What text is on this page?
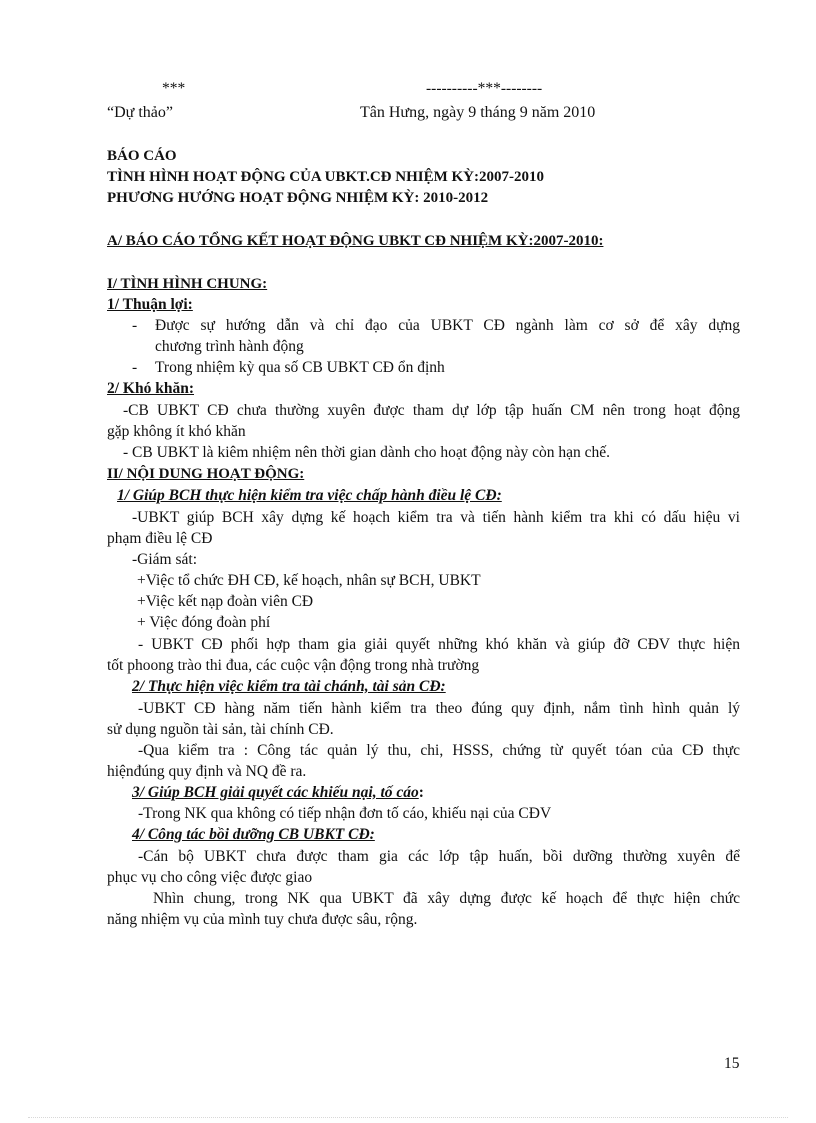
***	----------***--------
“Dự thảo”	Tân Hưng, ngày 9 tháng 9 năm 2010
BÁO CÁO
TÌNH HÌNH HOẠT ĐỘNG CỦA UBKT.CĐ NHIỆM KỲ:2007-2010
PHƯƠNG HƯỚNG HOẠT ĐỘNG NHIỆM KỲ: 2010-2012
A/ BÁO CÁO TỔNG KẾT HOẠT ĐỘNG UBKT CĐ NHIỆM KỲ:2007-2010:
I/ TÌNH HÌNH CHUNG:
1/ Thuận lợi:
- Được sự hướng dẫn và chỉ đạo của UBKT CĐ ngành làm cơ sở để xây dựng
chương trình hành động
- Trong nhiệm kỳ qua số CB UBKT CĐ ổn định
2/ Khó khăn:
-CB UBKT CĐ chưa thường xuyên được tham dự lớp tập huấn CM nên trong hoạt động
gặp không ít khó khăn
- CB UBKT là kiêm nhiệm nên thời gian dành cho hoạt động này còn hạn chế.
II/ NỘI DUNG HOẠT ĐỘNG:
1/ Giúp BCH thực hiện kiểm tra việc chấp hành điều lệ CĐ:
-UBKT giúp BCH xây dựng kế hoạch kiểm tra và tiến hành kiểm tra khi có dấu hiệu vi
phạm điều lệ CĐ
-Giám sát:
+Việc tổ chức ĐH CĐ, kế hoạch, nhân sự BCH, UBKT
+Việc kết nạp đoàn viên CĐ
+ Việc đóng đoàn phí
- UBKT CĐ phối hợp tham gia giải quyết những khó khăn và giúp đỡ CĐV thực hiện
tốt phoong trào thi đua, các cuộc vận động trong nhà trường
2/ Thực hiện việc kiểm tra tài chánh, tài sản CĐ:
-UBKT CĐ hàng năm tiến hành kiểm tra theo đúng quy định, nắm tình hình quản lý
sử dụng nguồn tài sản, tài chính CĐ.
-Qua kiểm tra : Công tác quản lý thu, chi, HSSS, chứng từ quyết tóan của CĐ thực
hiệnđúng quy định và NQ đề ra.
3/ Giúp BCH giải quyết các khiếu nại, tố cáo:
-Trong NK qua không có tiếp nhận đơn tố cáo, khiếu nại của CĐV
4/ Công tác bồi dưỡng CB UBKT CĐ:
-Cán bộ UBKT chưa được tham gia các lớp tập huấn, bồi dưỡng thường xuyên để
phục vụ cho công việc được giao
Nhìn chung, trong NK qua UBKT đã xây dựng được kế hoạch để thực hiện chức
năng nhiệm vụ của mình tuy chưa được sâu, rộng.
15
